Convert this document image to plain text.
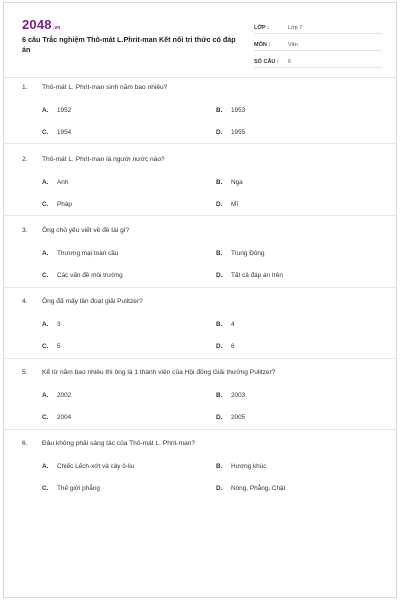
2048.vn
6 câu Trắc nghiệm Thô-mát L.Phrit-man Kết nối tri thức có đáp án
LỚP :	Lớp 7
MÔN :	Văn
SỐ CÂU :	6
1. Thô-mát L. Phrit-man sinh năm bao nhiêu?
A. 1952	B. 1953
C. 1954	D. 1955
2. Thô-mát L. Phrit-man là người nước nào?
A. Anh	B. Nga
C. Pháp	D. Mĩ
3. Ông chủ yếu viết về đề tài gì?
A. Thương mại toàn cầu	B. Trung Đông
C. Các vấn đề môi trường	D. Tất cả đáp án trên
4. Ông đã mấy lần đoạt giải Pulitzer?
A. 3	B. 4
C. 5	D. 6
5. Kể từ năm bao nhiêu thì ông là 1 thành viên của Hội đồng Giải thưởng Pulitzer?
A. 2002	B. 2003
C. 2004	D. 2005
6. Đâu không phải sáng tác của Thô-mát L. Phrit-man?
A. Chiếc Lếch-xớt và cây ô-liu	B. Hương khúc
C. Thế giới phẳng	D. Nóng, Phẳng, Chật
